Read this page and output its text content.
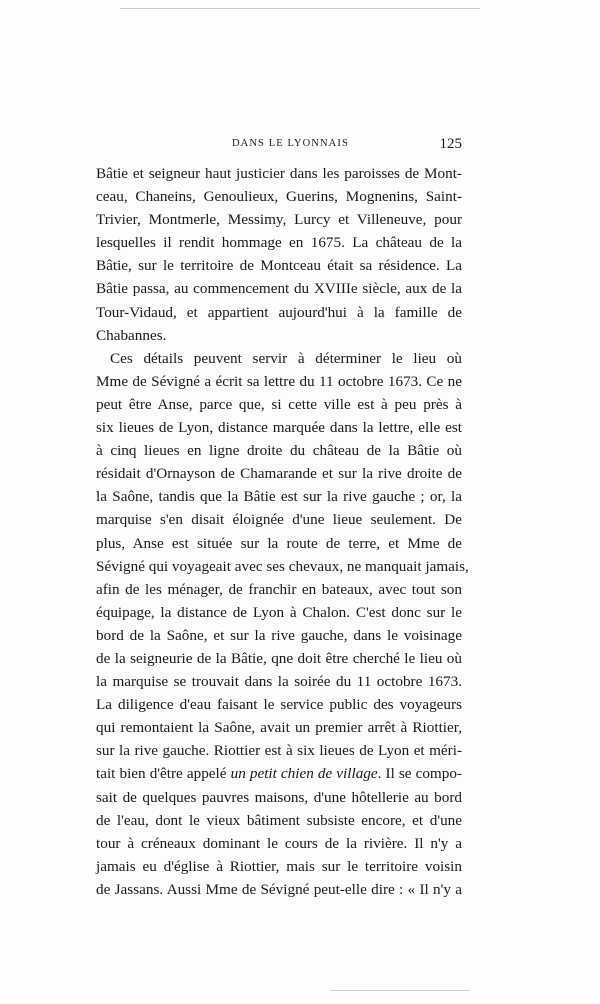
DANS LE LYONNAIS	125
Bâtie et seigneur haut justicier dans les paroisses de Mont-
ceau, Chaneins, Genoulieux, Guerins, Mognenins, Saint-
Trivier, Montmerle, Messimy, Lurcy et Villeneuve, pour
lesquelles il rendit hommage en 1675. La château de la
Bâtie, sur le territoire de Montceau était sa résidence. La
Bâtie passa, au commencement du XVIIIe siècle, aux de la
Tour-Vidaud, et appartient aujourd'hui à la famille de
Chabannes.
Ces détails peuvent servir à déterminer le lieu où
Mme de Sévigné a écrit sa lettre du 11 octobre 1673. Ce ne
peut être Anse, parce que, si cette ville est à peu près à
six lieues de Lyon, distance marquée dans la lettre, elle est
à cinq lieues en ligne droite du château de la Bâtie où
résidait d'Ornayson de Chamarande et sur la rive droite de
la Saône, tandis que la Bâtie est sur la rive gauche ; or, la
marquise s'en disait éloignée d'une lieue seulement. De
plus, Anse est située sur la route de terre, et Mme de
Sévigné qui voyageait avec ses chevaux, ne manquait jamais,
afin de les ménager, de franchir en bateaux, avec tout son
équipage, la distance de Lyon à Chalon. C'est donc sur le
bord de la Saône, et sur la rive gauche, dans le voisinage
de la seigneurie de la Bâtie, qne doit être cherché le lieu où
la marquise se trouvait dans la soirée du 11 octobre 1673.
La diligence d'eau faisant le service public des voyageurs
qui remontaient la Saône, avait un premier arrêt à Riottier,
sur la rive gauche. Riottier est à six lieues de Lyon et méri-
tait bien d'être appelé un petit chien de village. Il se compo-
sait de quelques pauvres maisons, d'une hôtellerie au bord
de l'eau, dont le vieux bâtiment subsiste encore, et d'une
tour à créneaux dominant le cours de la rivière. Il n'y a
jamais eu d'église à Riottier, mais sur le territoire voisin
de Jassans. Aussi Mme de Sévigné peut-elle dire : « Il n'y a
